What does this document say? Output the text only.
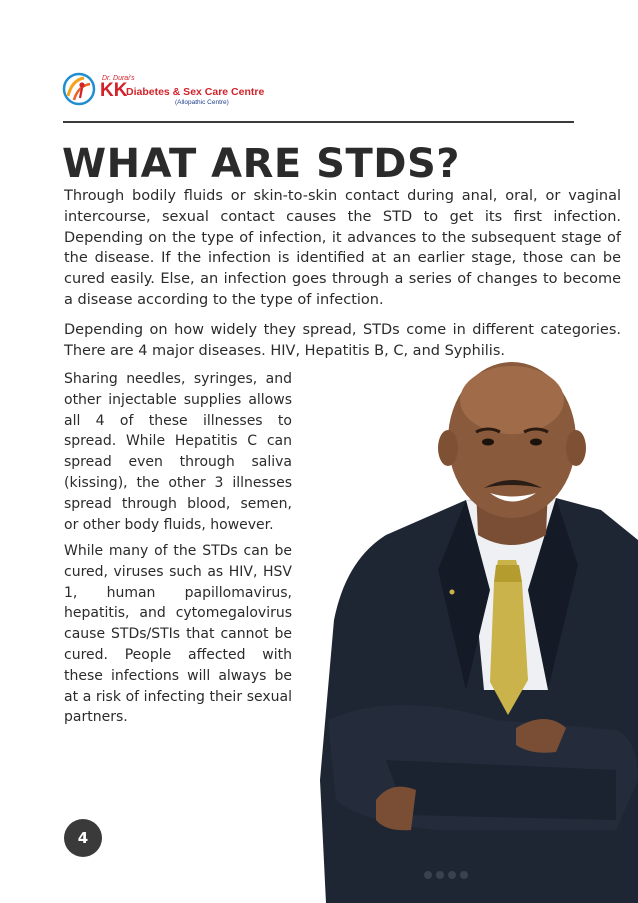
Dr. Durai's
KK
Diabetes & Sex Care Centre
(Allopathic Centre)
WHAT ARE STDS?

Through bodily fluids or skin-to-skin contact during anal, oral, or vaginal intercourse, sexual contact causes the STD to get its first infection. Depending on the type of infection, it advances to the subsequent stage of the disease. If the infection is identified at an earlier stage, those can be cured easily. Else, an infection goes through a series of changes to become a disease according to the type of infection.

Depending on how widely they spread, STDs come in different categories. There are 4 major diseases. HIV, Hepatitis B, C, and Syphilis.

Sharing needles, syringes, and other injectable supplies allows all 4 of these illnesses to spread. While Hepatitis C can spread even through saliva (kissing), the other 3 illnesses spread through blood, semen, or other body fluids, however.

While many of the STDs can be cured, viruses such as HIV, HSV 1, human papillomavirus, hepatitis, and cytomegalovirus cause STDs/STIs that cannot be cured. People affected with these infections will always be at a risk of infecting their sexual partners.

4
